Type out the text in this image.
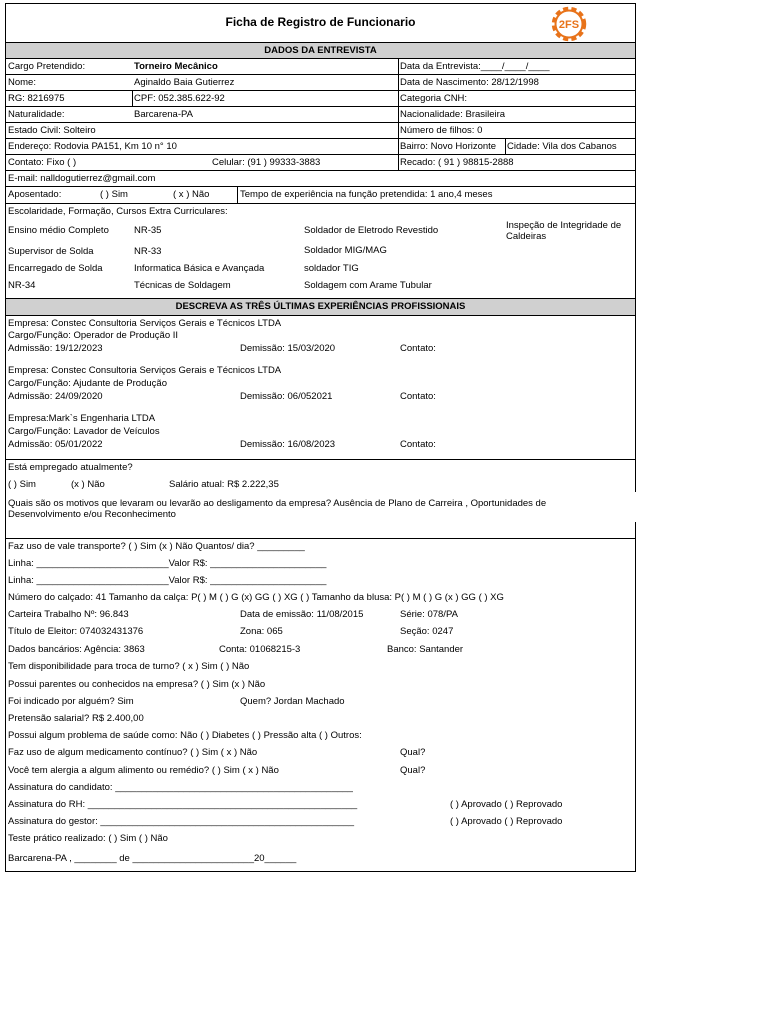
Ficha de Registro de Funcionario	2FS
DADOS DA ENTREVISTA
Cargo Pretendido:	Torneiro Mecânico	Data da Entrevista:____/____/____
Nome:	Aginaldo Baia Gutierrez	Data de Nascimento: 28/12/1998
RG: 8216975	CPF: 052.385.622-92	Categoria CNH:
Naturalidade:	Barcarena-PA	Nacionalidade: Brasileira
Estado Civil: Solteiro	Número de filhos: 0
Endereço: Rodovia PA151, Km 10 n° 10	Bairro: Novo Horizonte Cidade: Vila dos Cabanos
Contato: Fixo ( )	Celular: (91 ) 99333-3883	Recado: ( 91 ) 98815-2888
E-mail: nalldogutierrez@gmail.com
Aposentado:	( ) Sim	( x ) Não	Tempo de experiência na função pretendida: 1 ano,4 meses
Escolaridade, Formação, Cursos Extra Curriculares:
Ensino médio Completo	NR-35	Soldador de Eletrodo Revestido	Inspeção de Integridade de Caldeiras
Supervisor de Solda	NR-33	Soldador MIG/MAG
Encarregado de Solda	Informatica Básica e Avançada	soldador TIG
NR-34	Técnicas de Soldagem	Soldagem com Arame Tubular
DESCREVA AS TRÊS ÚLTIMAS EXPERIÊNCIAS PROFISSIONAIS
Empresa: Constec Consultoria Serviços Gerais e Técnicos LTDA
Cargo/Função: Operador de Produção II
Admissão: 19/12/2023	Demissão: 15/03/2020	Contato:
Empresa: Constec Consultoria Serviços Gerais e Técnicos LTDA
Cargo/Função: Ajudante de Produção
Admissão: 24/09/2020	Demissão: 06/052021	Contato:
Empresa:Mark`s Engenharia LTDA
Cargo/Função: Lavador de Veículos
Admissão: 05/01/2022	Demissão: 16/08/2023	Contato:
Está empregado atualmente?
( ) Sim	(x ) Não	Salário atual: R$ 2.222,35
Quais são os motivos que levaram ou levarão ao desligamento da empresa? Ausência de Plano de Carreira , Oportunidades de Desenvolvimento e/ou Reconhecimento
Faz uso de vale transporte? ( ) Sim (x ) Não Quantos/ dia? _________
Linha: _________________________Valor R$: ______________________
Linha: _________________________Valor R$: ______________________
Número do calçado: 41 Tamanho da calça: P( ) M ( ) G (x) GG ( ) XG ( ) Tamanho da blusa: P( ) M ( ) G (x ) GG ( ) XG
Carteira Trabalho Nº: 96.843	Data de emissão: 11/08/2015	Série: 078/PA
Título de Eleitor: 074032431376	Zona: 065	Seção: 0247
Dados bancários: Agência: 3863	Conta: 01068215-3	Banco: Santander
Tem disponibilidade para troca de turno? ( x ) Sim ( ) Não
Possui parentes ou conhecidos na empresa? ( ) Sim (x ) Não
Foi indicado por alguém? Sim	Quem? Jordan Machado
Pretensão salarial? R$ 2.400,00
Possui algum problema de saúde como: Não ( ) Diabetes ( ) Pressão alta ( ) Outros:
Faz uso de algum medicamento contínuo? ( ) Sim ( x ) Não	Qual?
Você tem alergia a algum alimento ou remédio? ( ) Sim ( x ) Não	Qual?
Assinatura do candidato: _____________________________________________
Assinatura do RH: ___________________________________________________	( ) Aprovado ( ) Reprovado
Assinatura do gestor: ________________________________________________	( ) Aprovado ( ) Reprovado
Teste prático realizado: ( ) Sim ( ) Não
Barcarena-PA , ________ de _______________________20______
